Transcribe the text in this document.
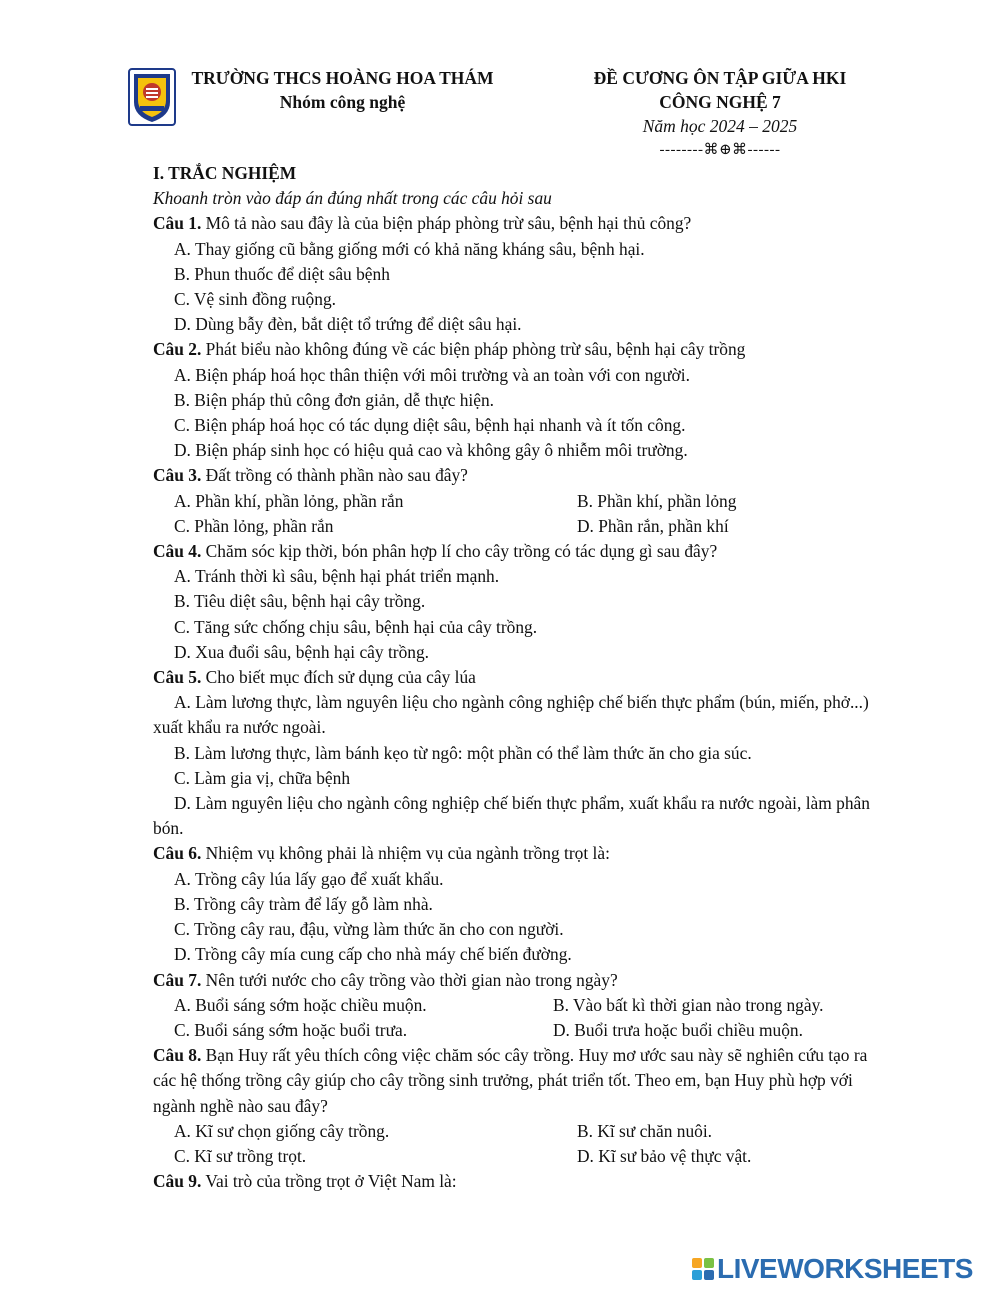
TRƯỜNG THCS HOÀNG HOA THÁM
Nhóm công nghệ
ĐỀ CƯƠNG ÔN TẬP GIỮA HKI
CÔNG NGHỆ 7
Năm học 2024 – 2025
--------⌘⊕⌘------
I. TRẮC NGHIỆM
Khoanh tròn vào đáp án đúng nhất trong các câu hỏi sau
Câu 1. Mô tả nào sau đây là của biện pháp phòng trừ sâu, bệnh hại thủ công?
A. Thay giống cũ bằng giống mới có khả năng kháng sâu, bệnh hại.
B. Phun thuốc để diệt sâu bệnh
C. Vệ sinh đồng ruộng.
D. Dùng bẫy đèn, bắt diệt tổ trứng để diệt sâu hại.
Câu 2. Phát biểu nào không đúng về các biện pháp phòng trừ sâu, bệnh hại cây trồng
A. Biện pháp hoá học thân thiện với môi trường và an toàn với con người.
B. Biện pháp thủ công đơn giản, dễ thực hiện.
C. Biện pháp hoá học có tác dụng diệt sâu, bệnh hại nhanh và ít tốn công.
D. Biện pháp sinh học có hiệu quả cao và không gây ô nhiễm môi trường.
Câu 3. Đất trồng có thành phần nào sau đây?
A. Phần khí, phần lỏng, phần rắn	B. Phần khí, phần lỏng
C. Phần lỏng, phần rắn	D. Phần rắn, phần khí
Câu 4. Chăm sóc kịp thời, bón phân hợp lí cho cây trồng có tác dụng gì sau đây?
A. Tránh thời kì sâu, bệnh hại phát triển mạnh.
B. Tiêu diệt sâu, bệnh hại cây trồng.
C. Tăng sức chống chịu sâu, bệnh hại của cây trồng.
D. Xua đuổi sâu, bệnh hại cây trồng.
Câu 5. Cho biết mục đích sử dụng của cây lúa
A. Làm lương thực, làm nguyên liệu cho ngành công nghiệp chế biến thực phẩm (bún, miến, phở...) xuất khẩu ra nước ngoài.
B. Làm lương thực, làm bánh kẹo từ ngô: một phần có thể làm thức ăn cho gia súc.
C. Làm gia vị, chữa bệnh
D. Làm nguyên liệu cho ngành công nghiệp chế biến thực phẩm, xuất khẩu ra nước ngoài, làm phân bón.
Câu 6. Nhiệm vụ không phải là nhiệm vụ của ngành trồng trọt là:
A. Trồng cây lúa lấy gạo để xuất khẩu.
B. Trồng cây tràm để lấy gỗ làm nhà.
C. Trồng cây rau, đậu, vừng làm thức ăn cho con người.
D. Trồng cây mía cung cấp cho nhà máy chế biến đường.
Câu 7. Nên tưới nước cho cây trồng vào thời gian nào trong ngày?
A. Buổi sáng sớm hoặc chiều muộn.	B. Vào bất kì thời gian nào trong ngày.
C. Buổi sáng sớm hoặc buổi trưa.	D. Buổi trưa hoặc buổi chiều muộn.
Câu 8. Bạn Huy rất yêu thích công việc chăm sóc cây trồng. Huy mơ ước sau này sẽ nghiên cứu tạo ra các hệ thống trồng cây giúp cho cây trồng sinh trưởng, phát triển tốt. Theo em, bạn Huy phù hợp với ngành nghề nào sau đây?
A. Kĩ sư chọn giống cây trồng.	B. Kĩ sư chăn nuôi.
C. Kĩ sư trồng trọt.	D. Kĩ sư bảo vệ thực vật.
Câu 9. Vai trò của trồng trọt ở Việt Nam là:
LIVEWORKSHEETS
